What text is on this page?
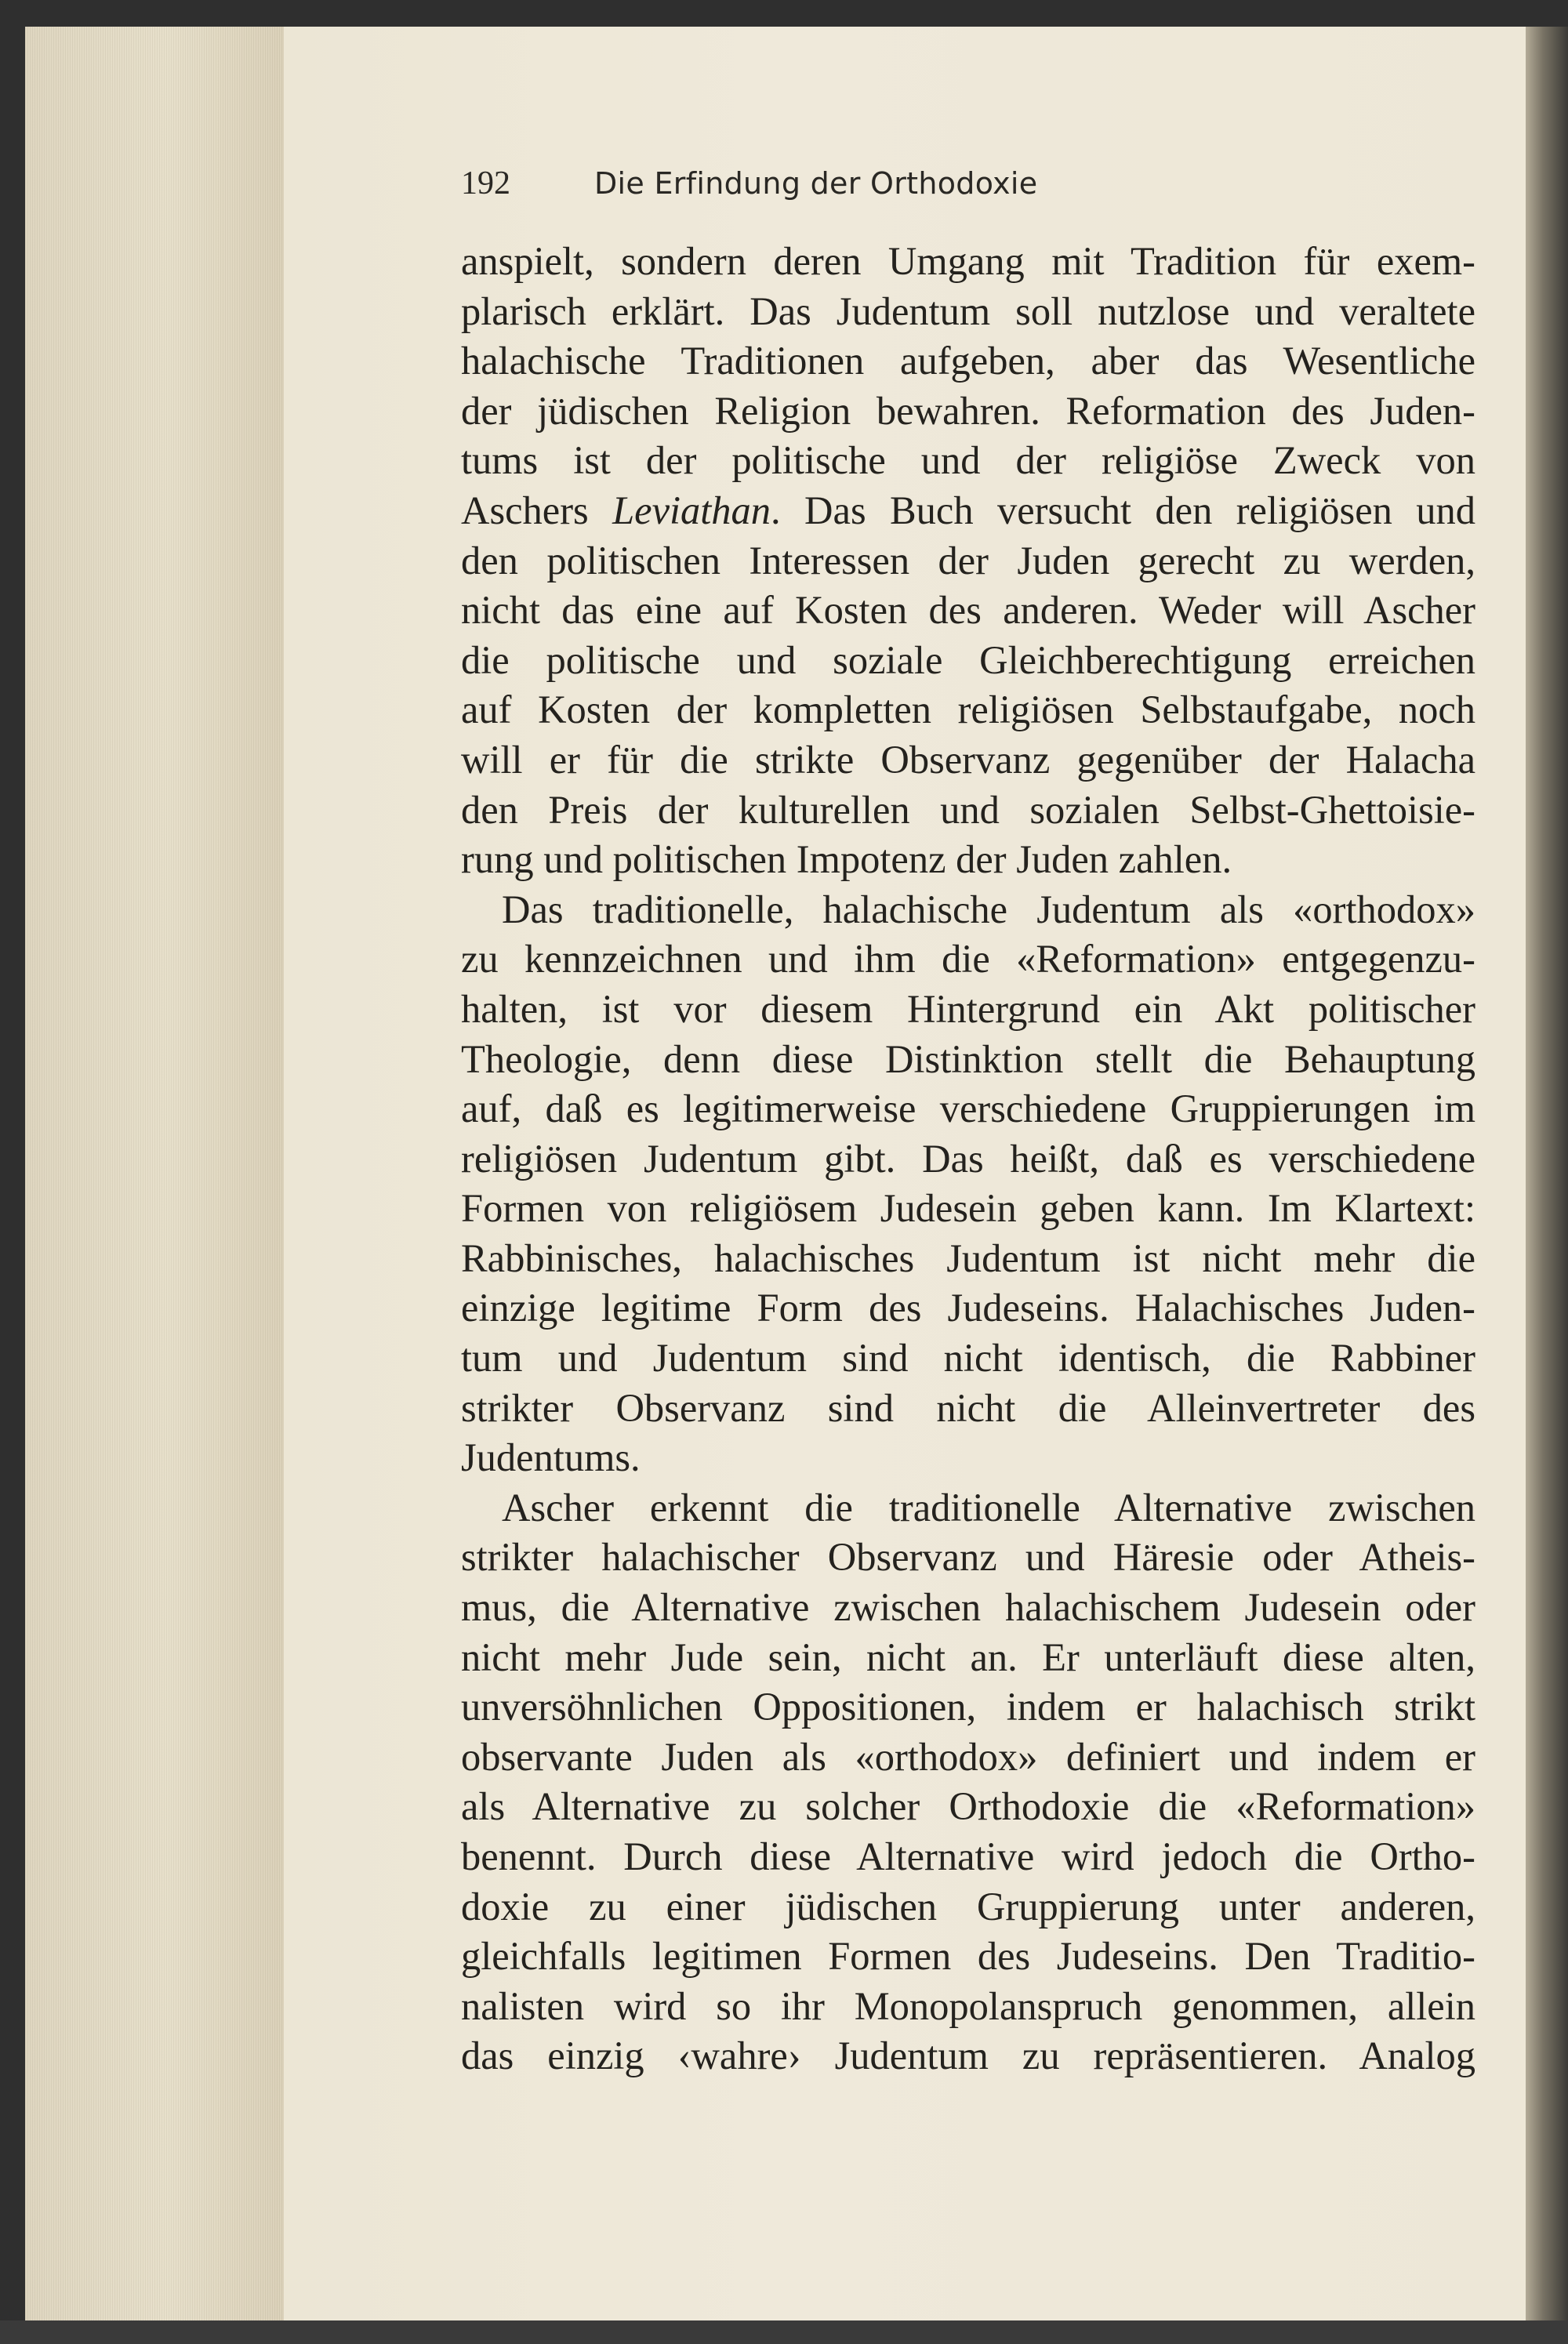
192	Die Erfindung der Orthodoxie

anspielt, sondern deren Umgang mit Tradition für exem-
plarisch erklärt. Das Judentum soll nutzlose und veraltete
halachische Traditionen aufgeben, aber das Wesentliche
der jüdischen Religion bewahren. Reformation des Juden-
tums ist der politische und der religiöse Zweck von
Aschers Leviathan. Das Buch versucht den religiösen und
den politischen Interessen der Juden gerecht zu werden,
nicht das eine auf Kosten des anderen. Weder will Ascher
die politische und soziale Gleichberechtigung erreichen
auf Kosten der kompletten religiösen Selbstaufgabe, noch
will er für die strikte Observanz gegenüber der Halacha
den Preis der kulturellen und sozialen Selbst-Ghettoisie-
rung und politischen Impotenz der Juden zahlen.

Das traditionelle, halachische Judentum als «orthodox»
zu kennzeichnen und ihm die «Reformation» entgegenzu-
halten, ist vor diesem Hintergrund ein Akt politischer
Theologie, denn diese Distinktion stellt die Behauptung
auf, daß es legitimerweise verschiedene Gruppierungen im
religiösen Judentum gibt. Das heißt, daß es verschiedene
Formen von religiösem Judesein geben kann. Im Klartext:
Rabbinisches, halachisches Judentum ist nicht mehr die
einzige legitime Form des Judeseins. Halachisches Juden-
tum und Judentum sind nicht identisch, die Rabbiner
strikter Observanz sind nicht die Alleinvertreter des
Judentums.

Ascher erkennt die traditionelle Alternative zwischen
strikter halachischer Observanz und Häresie oder Atheis-
mus, die Alternative zwischen halachischem Judesein oder
nicht mehr Jude sein, nicht an. Er unterläuft diese alten,
unversöhnlichen Oppositionen, indem er halachisch strikt
observante Juden als «orthodox» definiert und indem er
als Alternative zu solcher Orthodoxie die «Reformation»
benennt. Durch diese Alternative wird jedoch die Ortho-
doxie zu einer jüdischen Gruppierung unter anderen,
gleichfalls legitimen Formen des Judeseins. Den Traditio-
nalisten wird so ihr Monopolanspruch genommen, allein
das einzig ‹wahre› Judentum zu repräsentieren. Analog
